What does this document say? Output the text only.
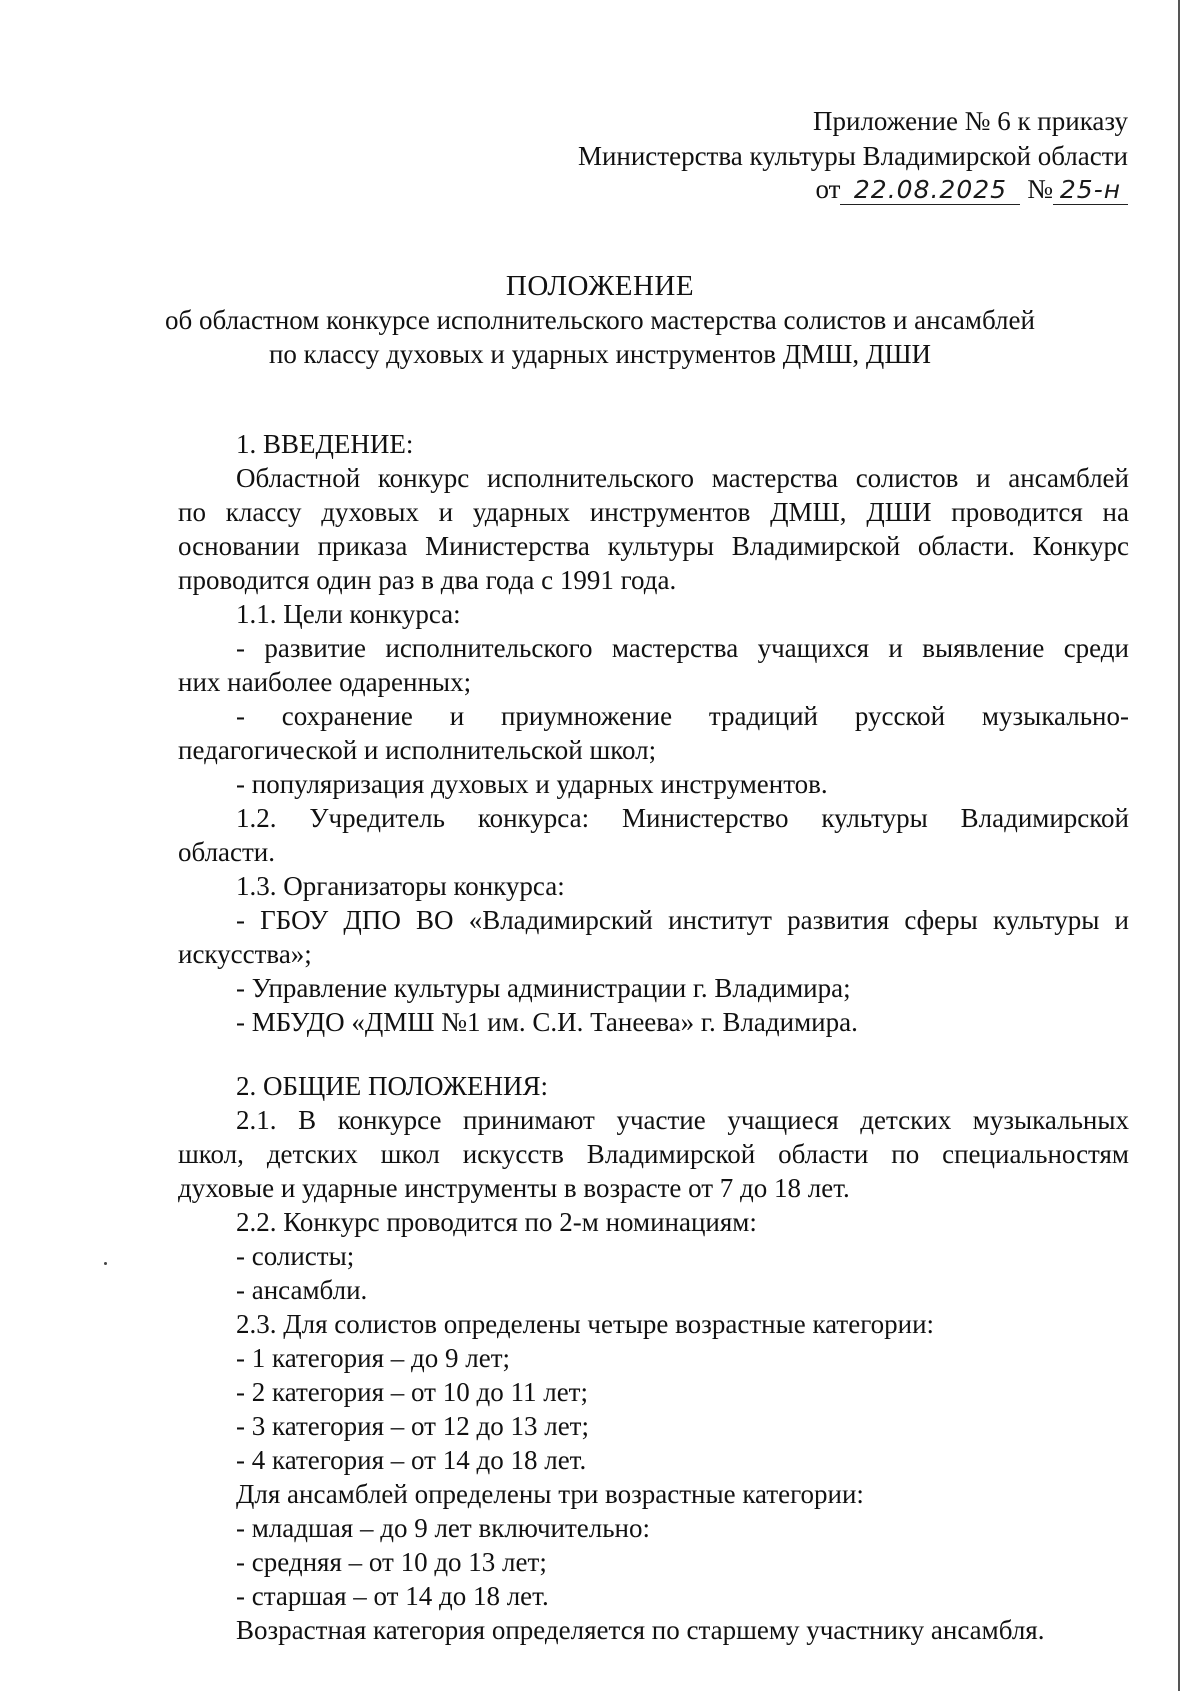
Приложение № 6 к приказу
Министерства культуры Владимирской области
от 22.08.2025 № 25-н
ПОЛОЖЕНИЕ
об областном конкурсе исполнительского мастерства солистов и ансамблей
по классу духовых и ударных инструментов ДМШ, ДШИ
1. ВВЕДЕНИЕ:
Областной конкурс исполнительского мастерства солистов и ансамблей
по классу духовых и ударных инструментов ДМШ, ДШИ проводится на
основании приказа Министерства культуры Владимирской области. Конкурс
проводится один раз в два года с 1991 года.
1.1. Цели конкурса:
- развитие исполнительского мастерства учащихся и выявление среди
них наиболее одаренных;
- сохранение и приумножение традиций русской музыкально-
педагогической и исполнительской школ;
- популяризация духовых и ударных инструментов.
1.2. Учредитель конкурса: Министерство культуры Владимирской
области.
1.3. Организаторы конкурса:
- ГБОУ ДПО ВО «Владимирский институт развития сферы культуры и
искусства»;
- Управление культуры администрации г. Владимира;
- МБУДО «ДМШ №1 им. С.И. Танеева» г. Владимира.
2. ОБЩИЕ ПОЛОЖЕНИЯ:
2.1. В конкурсе принимают участие учащиеся детских музыкальных
школ, детских школ искусств Владимирской области по специальностям
духовые и ударные инструменты в возрасте от 7 до 18 лет.
2.2. Конкурс проводится по 2-м номинациям:
- солисты;
- ансамбли.
2.3. Для солистов определены четыре возрастные категории:
- 1 категория – до 9 лет;
- 2 категория – от 10 до 11 лет;
- 3 категория – от 12 до 13 лет;
- 4 категория – от 14 до 18 лет.
Для ансамблей определены три возрастные категории:
- младшая – до 9 лет включительно:
- средняя – от 10 до 13 лет;
- старшая – от 14 до 18 лет.
Возрастная категория определяется по старшему участнику ансамбля.
